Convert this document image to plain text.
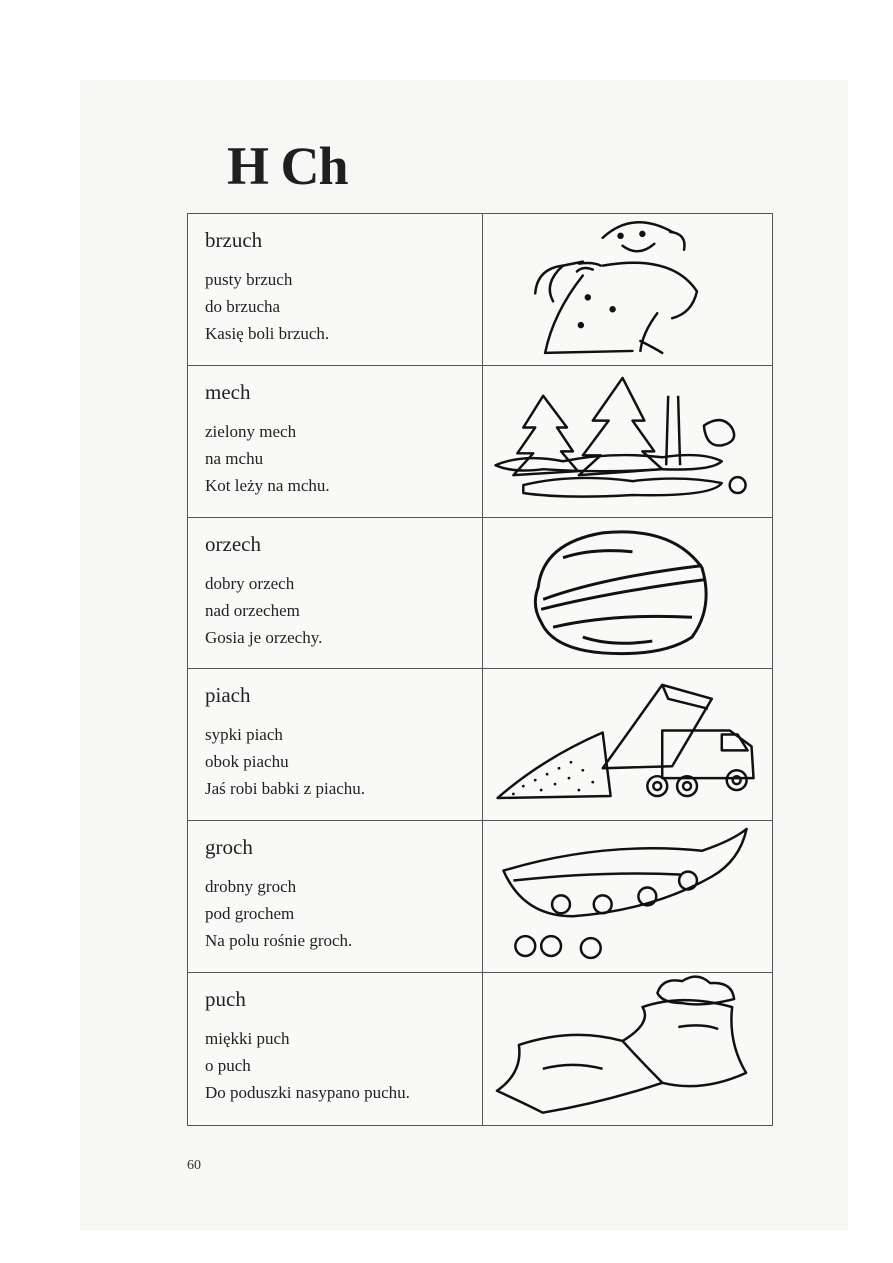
H Ch
brzuch
pusty brzuch
do brzucha
Kasię boli brzuch.
mech
zielony mech
na mchu
Kot leży na mchu.
orzech
dobry orzech
nad orzechem
Gosia je orzechy.
piach
sypki piach
obok piachu
Jaś robi babki z piachu.
groch
drobny groch
pod grochem
Na polu rośnie groch.
puch
miękki puch
o puch
Do poduszki nasypano puchu.
60
